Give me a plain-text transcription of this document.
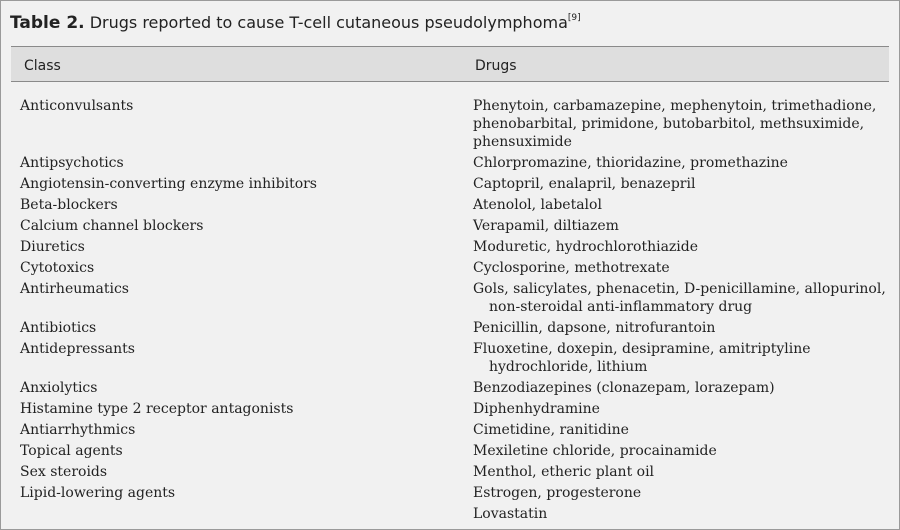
Table 2. Drugs reported to cause T-cell cutaneous pseudolymphoma[9]
Class	Drugs
Anticonvulsants	Phenytoin, carbamazepine, mephenytoin, trimethadione,
phenobarbital, primidone, butobarbitol, methsuximide,
phensuximide
Antipsychotics	Chlorpromazine, thioridazine, promethazine
Angiotensin-converting enzyme inhibitors	Captopril, enalapril, benazepril
Beta-blockers	Atenolol, labetalol
Calcium channel blockers	Verapamil, diltiazem
Diuretics	Moduretic, hydrochlorothiazide
Cytotoxics	Cyclosporine, methotrexate
Antirheumatics	Gols, salicylates, phenacetin, D-penicillamine, allopurinol,
non-steroidal anti-inflammatory drug
Antibiotics	Penicillin, dapsone, nitrofurantoin
Antidepressants	Fluoxetine, doxepin, desipramine, amitriptyline
hydrochloride, lithium
Anxiolytics	Benzodiazepines (clonazepam, lorazepam)
Histamine type 2 receptor antagonists	Diphenhydramine
Antiarrhythmics	Cimetidine, ranitidine
Topical agents	Mexiletine chloride, procainamide
Sex steroids	Menthol, etheric plant oil
Lipid-lowering agents	Estrogen, progesterone
Lovastatin
